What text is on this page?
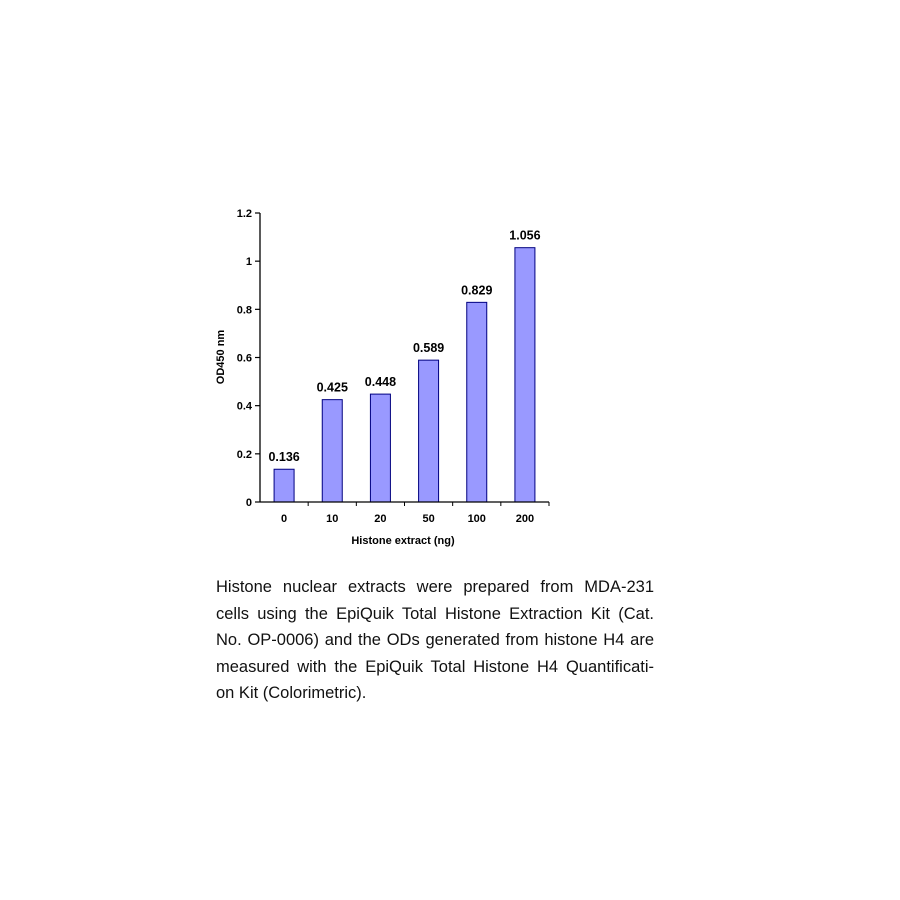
0
0.2
0.4
0.6
0.8
1
1.2
0.136
0.425 0.448
0.589
0.829
1.056
0	10	20	50	100	200
Histone extract (ng)
OD450 nm
Histone nuclear extracts were prepared from MDA-231
cells using the EpiQuik Total Histone Extraction Kit (Cat.
No. OP-0006) and the ODs generated from histone H4 are
measured with the EpiQuik Total Histone H4 Quantificati-
on Kit (Colorimetric).
